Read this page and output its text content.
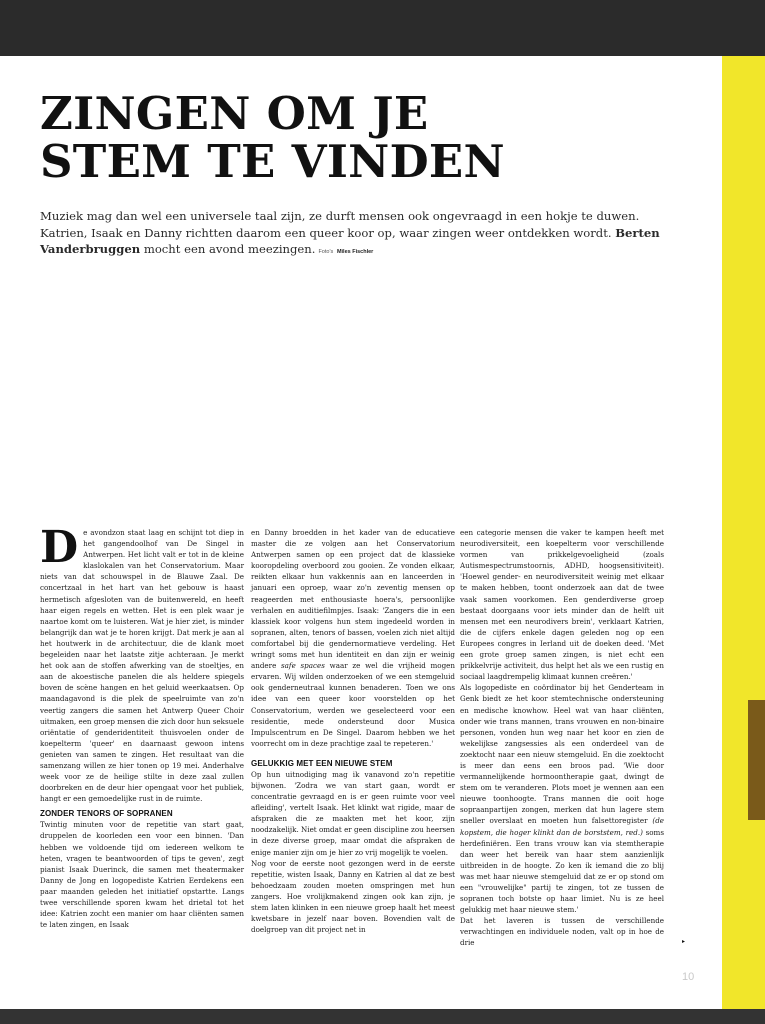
ZINGEN OM JE
STEM TE VINDEN

Muziek mag dan wel een universele taal zijn, ze durft mensen ook ongevraagd in een hokje te duwen. Katrien, Isaak en Danny richtten daarom een queer koor op, waar zingen weer ontdekken wordt. Berten Vanderbruggen mocht een avond meezingen. Foto's Miles Fischler

De avondzon staat laag en schijnt tot diep in het gangendoolhof van De Singel in Antwerpen. Het licht valt er tot in de kleine klaslokalen van het Conservatorium. Maar niets van dat schouwspel in de Blauwe Zaal. De concertzaal in het hart van het gebouw is haast hermetisch afgesloten van de buitenwereld, en heeft haar eigen regels en wetten. Het is een plek waar je naartoe komt om te luisteren. Wat je hier ziet, is minder belangrijk dan wat je te horen krijgt. Dat merk je aan al het houtwerk in de architectuur, die de klank moet begeleiden naar het laatste zitje achteraan. Je merkt het ook aan de stoffen afwerking van de stoeltjes, en aan de akoestische panelen die als heldere spiegels boven de scène hangen en het geluid weerkaatsen. Op maandagavond is die plek de speelruimte van zo'n veertig zangers die samen het Antwerp Queer Choir uitmaken, een groep mensen die zich door hun seksuele oriëntatie of genderidentiteit thuisvoelen onder de koepelterm 'queer' en daarnaast gewoon intens genieten van samen te zingen. Het resultaat van die samenzang willen ze hier tonen op 19 mei. Anderhalve week voor ze de heilige stilte in deze zaal zullen doorbreken en de deur hier opengaat voor het publiek, hangt er een gemoedelijke rust in de ruimte.

ZONDER TENORS OF SOPRANEN

Twintig minuten voor de repetitie van start gaat, druppelen de koorleden een voor een binnen. 'Dan hebben we voldoende tijd om iedereen welkom te heten, vragen te beantwoorden of tips te geven', zegt pianist Isaak Duerinck, die samen met theatermaker Danny de Jong en logopediste Katrien Eerdekens een paar maanden geleden het initiatief opstartte. Langs twee verschillende sporen kwam het drietal tot het idee: Katrien zocht een manier om haar cliënten samen te laten zingen, en Isaak

en Danny broedden in het kader van de educatieve master die ze volgen aan het Conservatorium Antwerpen samen op een project dat de klassieke kooropdeling overboord zou gooien. Ze vonden elkaar, reikten elkaar hun vakkennis aan en lanceerden in januari een oproep, waar zo'n zeventig mensen op reageerden met enthousiaste hoera's, persoonlijke verhalen en auditiefilmpjes. Isaak: 'Zangers die in een klassiek koor volgens hun stem ingedeeld worden in sopranen, alten, tenors of bassen, voelen zich niet altijd comfortabel bij die gendernormatieve verdeling. Het wringt soms met hun identiteit en dan zijn er weinig andere safe spaces waar ze wel die vrijheid mogen ervaren. Wij wilden onderzoeken of we een stemgeluid ook genderneutraal kunnen benaderen. Toen we ons idee van een queer koor voorstelden op het Conservatorium, werden we geselecteerd voor een residentie, mede ondersteund door Musica Impulscentrum en De Singel. Daarom hebben we het voorrecht om in deze prachtige zaal te repeteren.'

GELUKKIG MET EEN NIEUWE STEM

Op hun uitnodiging mag ik vanavond zo'n repetitie bijwonen. 'Zodra we van start gaan, wordt er concentratie gevraagd en is er geen ruimte voor veel afleiding', vertelt Isaak. Het klinkt wat rigide, maar de afspraken die ze maakten met het koor, zijn noodzakelijk. Niet omdat er geen discipline zou heersen in deze diverse groep, maar omdat die afspraken de enige manier zijn om je hier zo vrij mogelijk te voelen.

Nog voor de eerste noot gezongen werd in de eerste repetitie, wisten Isaak, Danny en Katrien al dat ze best behoedzaam zouden moeten omspringen met hun zangers. Hoe vrolijkmakend zingen ook kan zijn, je stem laten klinken in een nieuwe groep haalt het meest kwetsbare in jezelf naar boven. Bovendien valt de doelgroep van dit project net in

een categorie mensen die vaker te kampen heeft met neurodiversiteit, een koepelterm voor verschillende vormen van prikkelgevoeligheid (zoals Autismespectrumstoornis, ADHD, hoogsensitiviteit). 'Hoewel gender- en neurodiversiteit weinig met elkaar te maken hebben, toont onderzoek aan dat de twee vaak samen voorkomen. Een genderdiverse groep bestaat doorgaans voor iets minder dan de helft uit mensen met een neurodivers brein', verklaart Katrien, die de cijfers enkele dagen geleden nog op een Europees congres in Ierland uit de doeken deed. 'Met een grote groep samen zingen, is niet echt een prikkelvrije activiteit, dus helpt het als we een rustig en sociaal laagdrempelig klimaat kunnen creëren.'

Als logopediste en coördinator bij het Genderteam in Genk biedt ze het koor stemtechnische ondersteuning en medische knowhow. Heel wat van haar cliënten, onder wie trans mannen, trans vrouwen en non-binaire personen, vonden hun weg naar het koor en zien de wekelijkse zangsessies als een onderdeel van de zoektocht naar een nieuw stemgeluid. En die zoektocht is meer dan eens een broos pad. 'Wie door vermannelijkende hormoontherapie gaat, dwingt de stem om te veranderen. Plots moet je wennen aan een nieuwe toonhoogte. Trans mannen die ooit hoge sopraanpartijen zongen, merken dat hun lagere stem sneller overslaat en moeten hun falsettoregister (de kopstem, die hoger klinkt dan de borststem, red.) soms herdefiniëren. Een trans vrouw kan via stemtherapie dan weer het bereik van haar stem aanzienlijk uitbreiden in de hoogte. Zo ken ik iemand die zo blij was met haar nieuwe stemgeluid dat ze er op stond om een "vrouwelijke" partij te zingen, tot ze tussen de sopranen toch botste op haar limiet. Nu is ze heel gelukkig met haar nieuwe stem.'

Dat het laveren is tussen de verschillende verwachtingen en individuele noden, valt op in hoe de drie	▸
10
